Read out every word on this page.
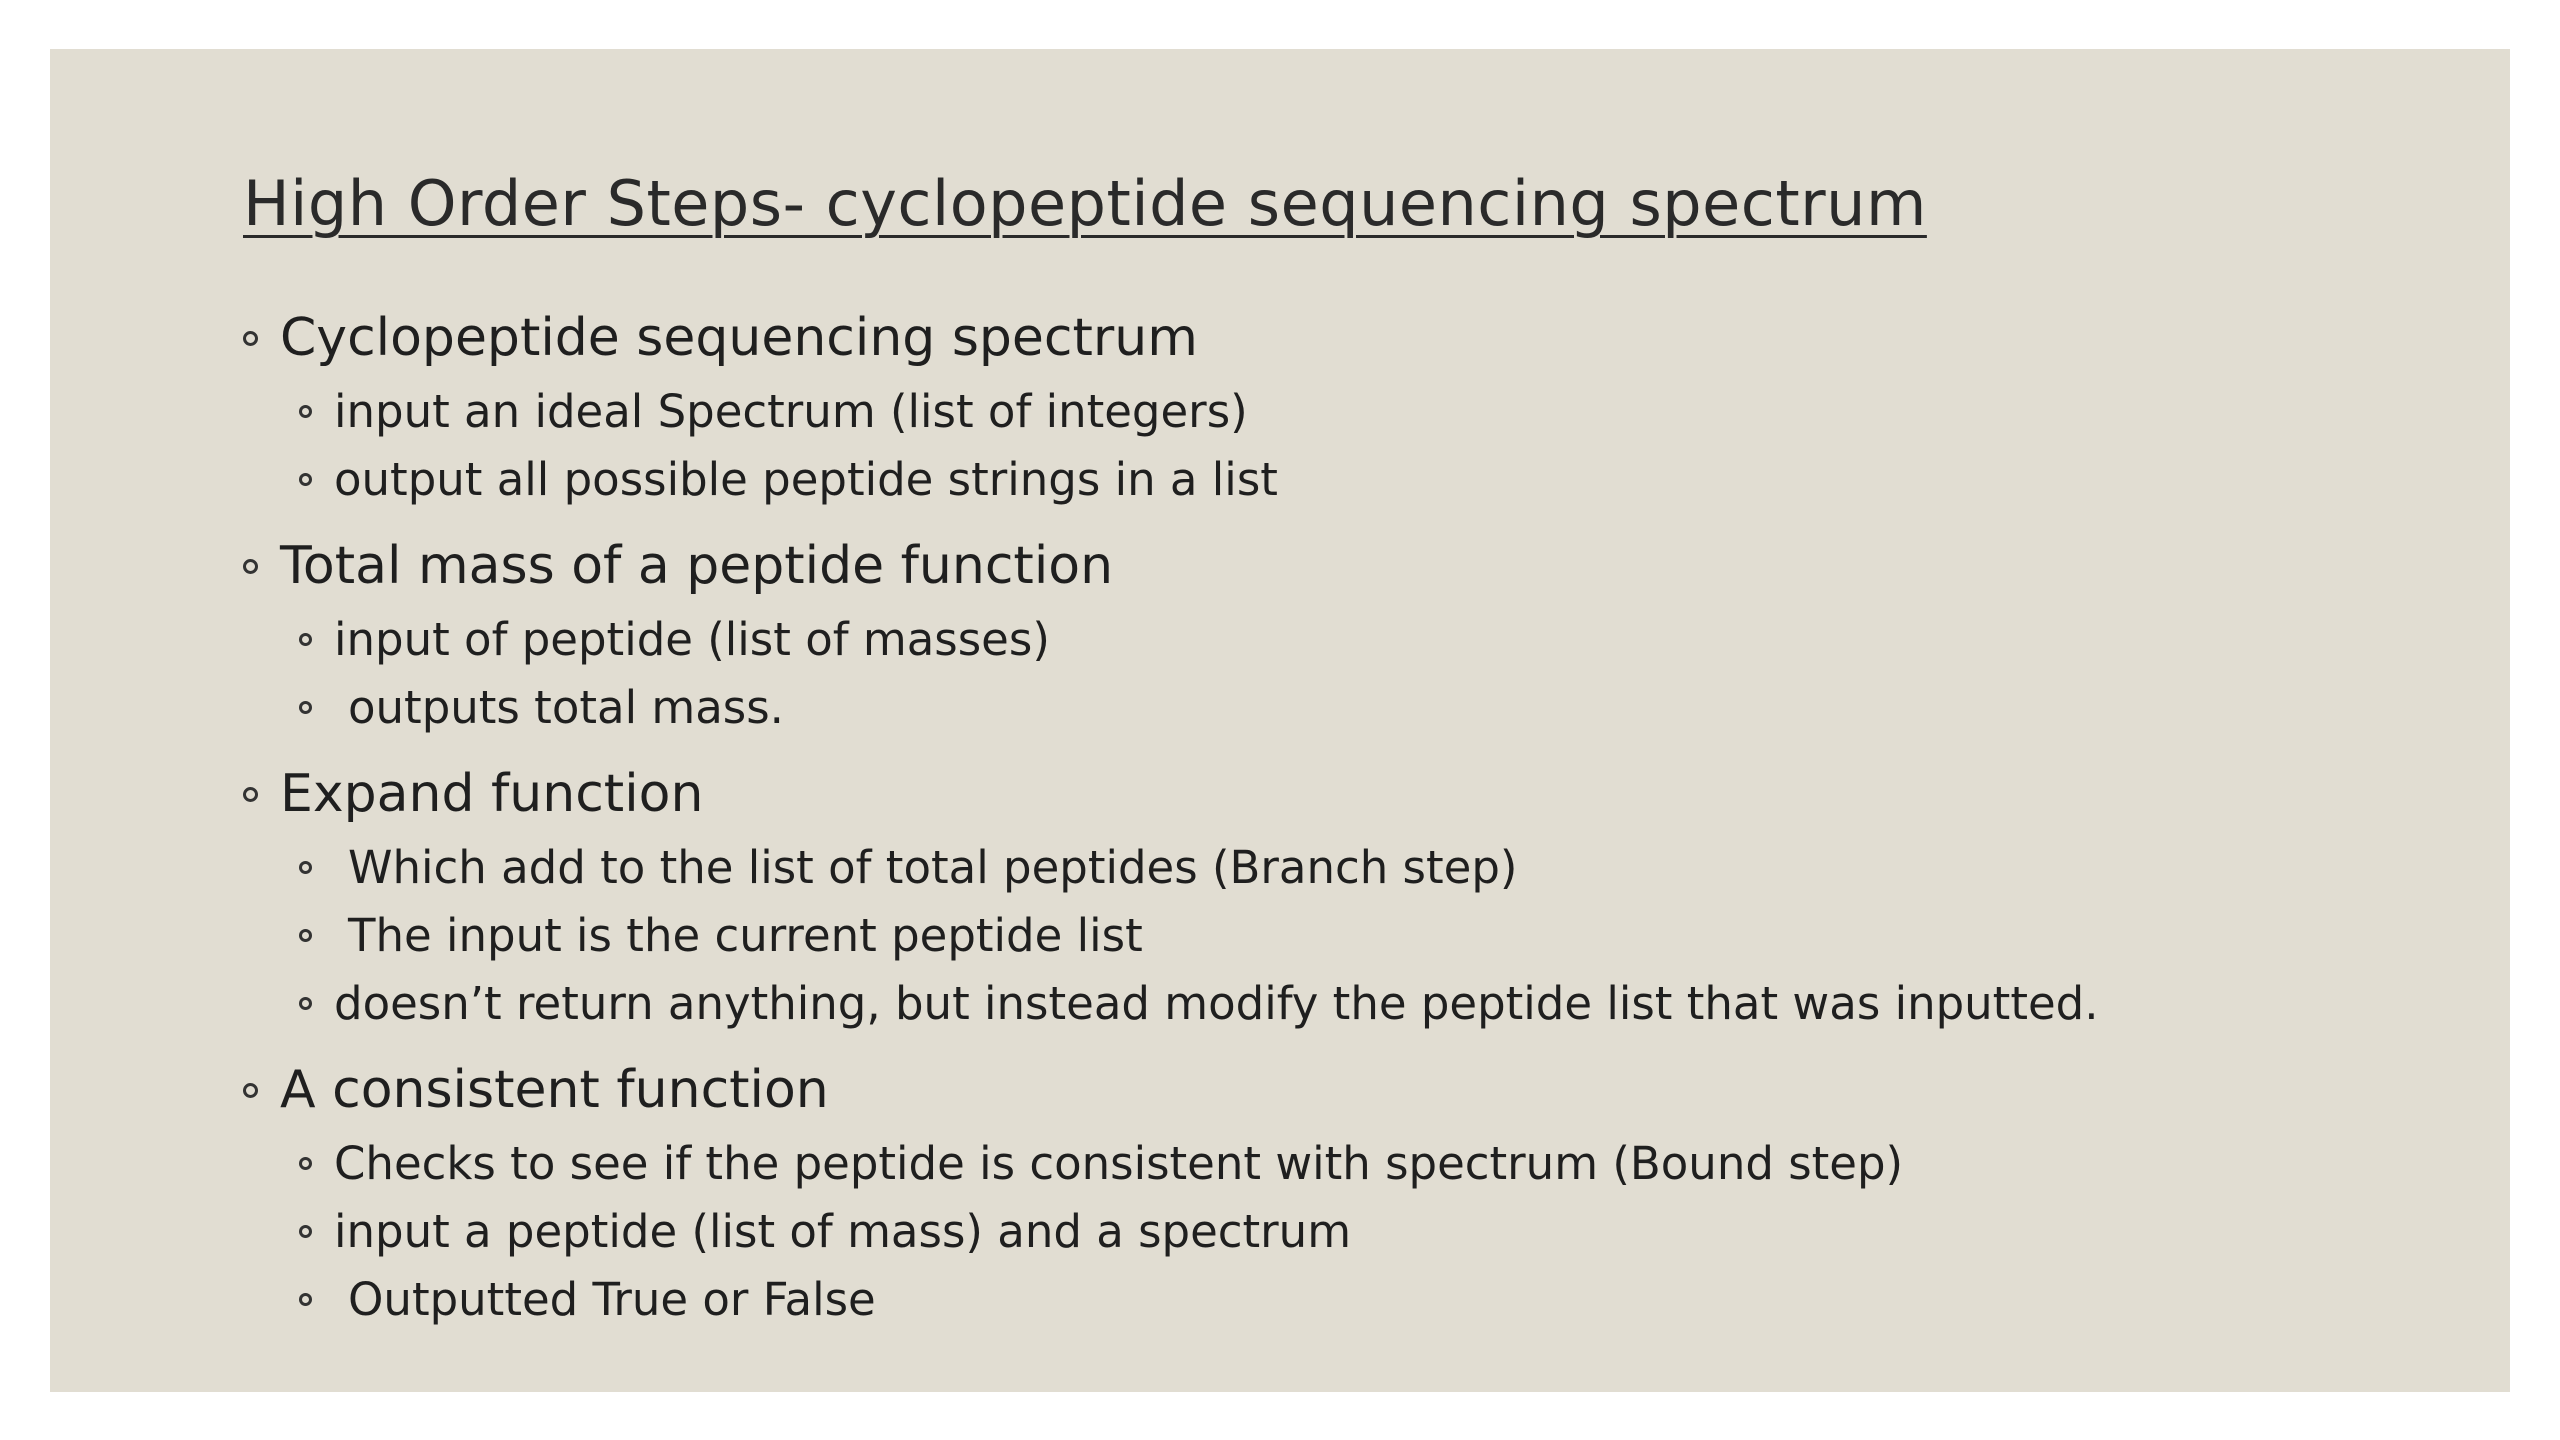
High Order Steps- cyclopeptide sequencing spectrum
Cyclopeptide sequencing spectrum
input an ideal Spectrum (list of integers)
output all possible peptide strings in a list
Total mass of a peptide function
input of peptide (list of masses)
outputs total mass.
Expand function
Which add to the list of total peptides (Branch step)
The input is the current peptide list
doesn’t return anything, but instead modify the peptide list that was inputted.
A consistent function
Checks to see if the peptide is consistent with spectrum (Bound step)
input a peptide (list of mass) and a spectrum
Outputted True or False
